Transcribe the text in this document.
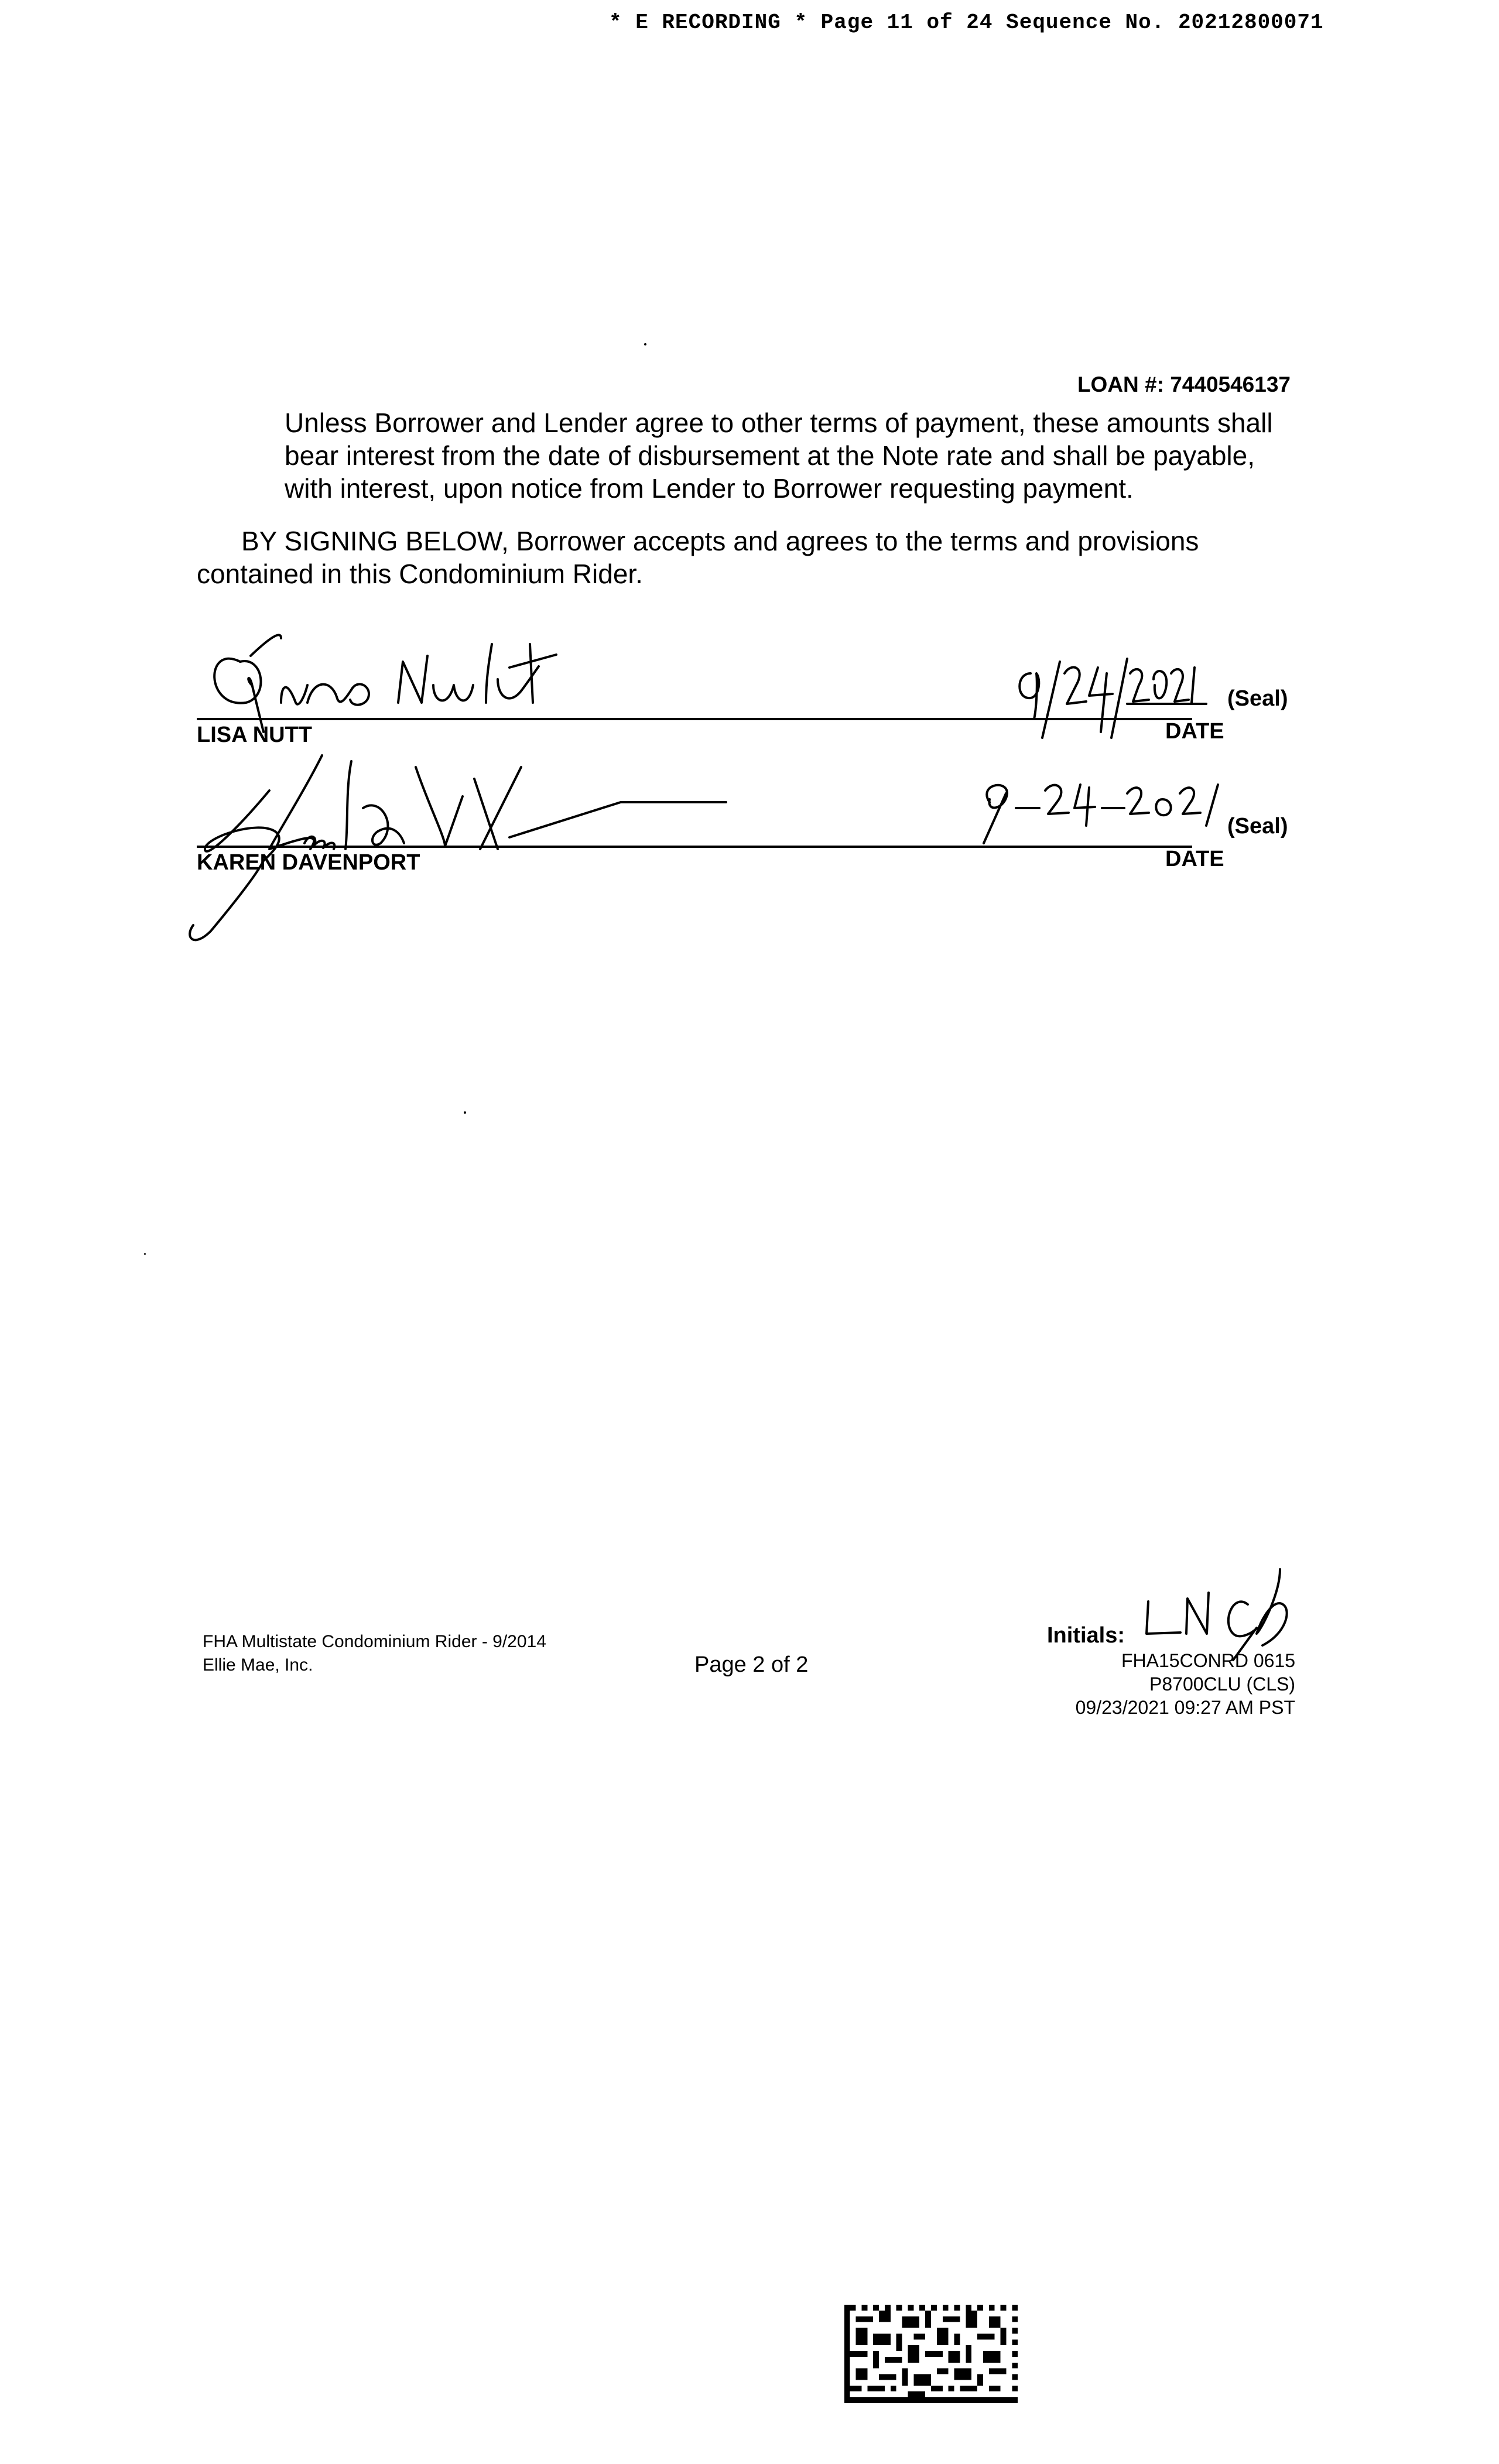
* E RECORDING * Page 11 of 24 Sequence No. 20212800071
LOAN #: 7440546137
Unless Borrower and Lender agree to other terms of payment, these amounts shall bear interest from the date of disbursement at the Note rate and shall be payable, with interest, upon notice from Lender to Borrower requesting payment.
BY SIGNING BELOW, Borrower accepts and agrees to the terms and provisions contained in this Condominium Rider.
LISA NUTT
(Seal)
DATE
KAREN DAVENPORT
(Seal)
DATE
FHA Multistate Condominium Rider - 9/2014
Ellie Mae, Inc.	Page 2 of 2
Initials:
FHA15CONRD 0615
P8700CLU (CLS)
09/23/2021 09:27 AM PST
